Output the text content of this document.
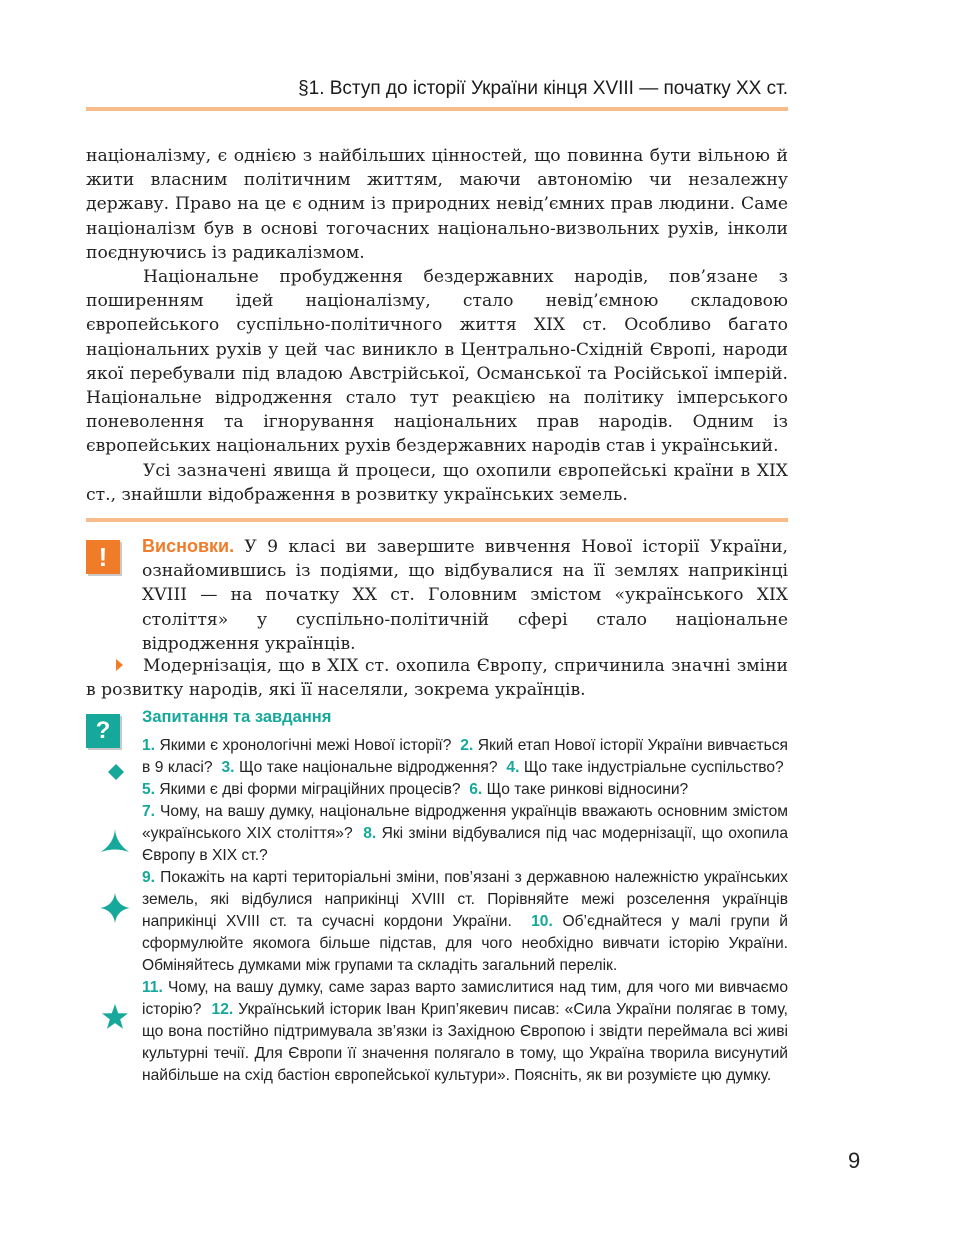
§1. Вступ до історії України кінця XVIII — початку XX ст.

націоналізму, є однією з найбільших цінностей, що повинна бути вільною й жити власним політичним життям, маючи автономію чи незалежну державу. Право на це є одним із природних невід’ємних прав людини. Саме націоналізм був в основі тогочасних національно-визвольних рухів, інколи поєднуючись із радикалізмом.

Національне пробудження бездержавних народів, пов’язане з поширенням ідей націоналізму, стало невід’ємною складовою європейського суспільно-політичного життя XIX ст. Особливо багато національних рухів у цей час виникло в Центрально-Східній Європі, народи якої перебували під владою Австрійської, Османської та Російської імперій. Національне відродження стало тут реакцією на політику імперського поневолення та ігнорування національних прав народів. Одним із європейських національних рухів бездержавних народів став і український.

Усі зазначені явища й процеси, що охопили європейські країни в XIX ст., знайшли відображення в розвитку українських земель.

!	Висновки. У 9 класі ви завершите вивчення Нової історії України, ознайомившись із подіями, що відбувалися на її землях наприкінці XVIII — на початку XX ст. Головним змістом «українського XIX століття» у суспільно-політичній сфері стало національне відродження українців.
Модернізація, що в XIX ст. охопила Європу, спричинила значні зміни в розвитку народів, які її населяли, зокрема українців.
?	Запитання та завдання

1. Якими є хронологічні межі Нової історії? 2. Який етап Нової історії України вивчається в 9 класі? 3. Що таке національне відродження? 4. Що таке індустріальне суспільство?  5. Якими є дві форми міграційних процесів? 6. Що таке ринкові відносини?

7. Чому, на вашу думку, національне відродження українців вважають основним змістом «українського XIX століття»? 8. Які зміни відбувалися під час модернізації, що охопила Європу в XIX ст.?

9. Покажіть на карті територіальні зміни, пов’язані з державною належністю українських земель, які відбулися наприкінці XVIII ст. Порівняйте межі розселення українців наприкінці XVIII ст. та сучасні кордони України. 10. Об’єднайтеся у малі групи й сформулюйте якомога більше підстав, для чого необхідно вивчати історію України. Обміняйтесь думками між групами та складіть загальний перелік.

11. Чому, на вашу думку, саме зараз варто замислитися над тим, для чого ми вивчаємо історію? 12. Український історик Іван Крип’якевич писав: «Сила України полягає в тому, що вона постійно підтримувала зв’язки із Західною Європою і звідти переймала всі живі культурні течії. Для Європи її значення полягало в тому, що Україна творила висунутий найбільше на схід бастіон європейської культури». Поясніть, як ви розумієте цю думку.

9
